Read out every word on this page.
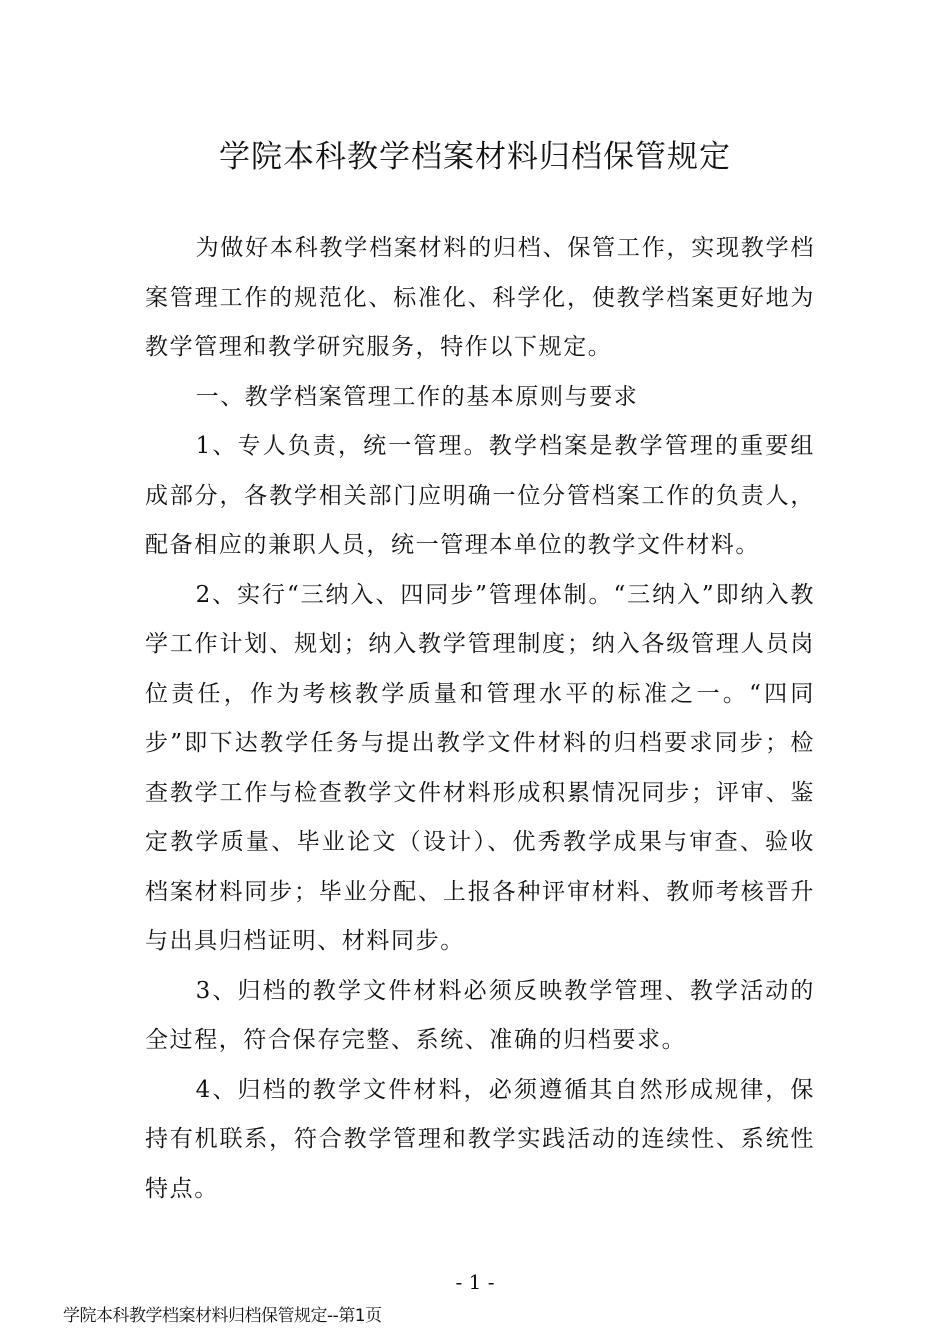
学院本科教学档案材料归档保管规定

为做好本科教学档案材料的归档、保管工作，实现教学档案管理工作的规范化、标准化、科学化，使教学档案更好地为教学管理和教学研究服务，特作以下规定。

一、教学档案管理工作的基本原则与要求

1、专人负责，统一管理。教学档案是教学管理的重要组成部分，各教学相关部门应明确一位分管档案工作的负责人，配备相应的兼职人员，统一管理本单位的教学文件材料。

2、实行“三纳入、四同步”管理体制。“三纳入”即纳入教学工作计划、规划；纳入教学管理制度；纳入各级管理人员岗位责任，作为考核教学质量和管理水平的标准之一。“四同步”即下达教学任务与提出教学文件材料的归档要求同步；检查教学工作与检查教学文件材料形成积累情况同步；评审、鉴定教学质量、毕业论文（设计）、优秀教学成果与审查、验收档案材料同步；毕业分配、上报各种评审材料、教师考核晋升与出具归档证明、材料同步。

3、归档的教学文件材料必须反映教学管理、教学活动的全过程，符合保存完整、系统、准确的归档要求。

4、归档的教学文件材料，必须遵循其自然形成规律，保持有机联系，符合教学管理和教学实践活动的连续性、系统性特点。

- 1 -
学院本科教学档案材料归档保管规定--第1页
